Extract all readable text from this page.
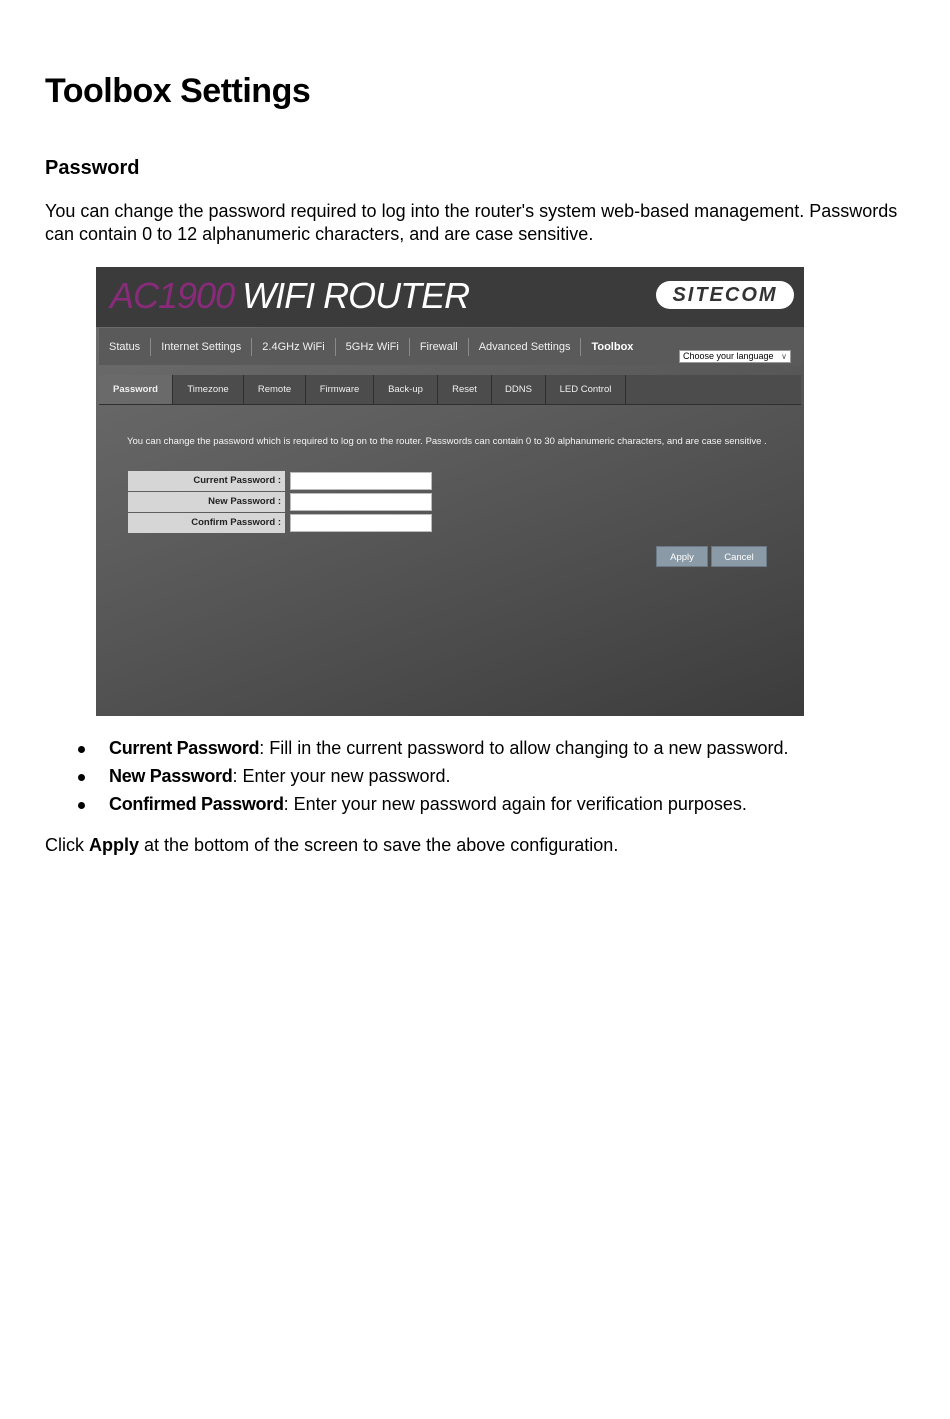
Toolbox Settings
Password

You can change the password required to log into the router's system web-based management. Passwords can contain 0 to 12 alphanumeric characters, and are case sensitive.

AC1900 WIFI ROUTER	SITECOM
Status	Internet Settings	2.4GHz WiFi	5GHz WiFi	Firewall	Advanced Settings	Toolbox
Choose your language ∨
Password	Timezone	Remote	Firmware	Back-up	Reset	DDNS	LED Control

You can change the password which is required to log on to the router. Passwords can contain 0 to 30 alphanumeric characters, and are case sensitive .

Current Password :
New Password :
Confirm Password :
Apply	Cancel
Current Password: Fill in the current password to allow changing to a new password.
New Password: Enter your new password.
Confirmed Password: Enter your new password again for verification purposes.

Click Apply at the bottom of the screen to save the above configuration.
